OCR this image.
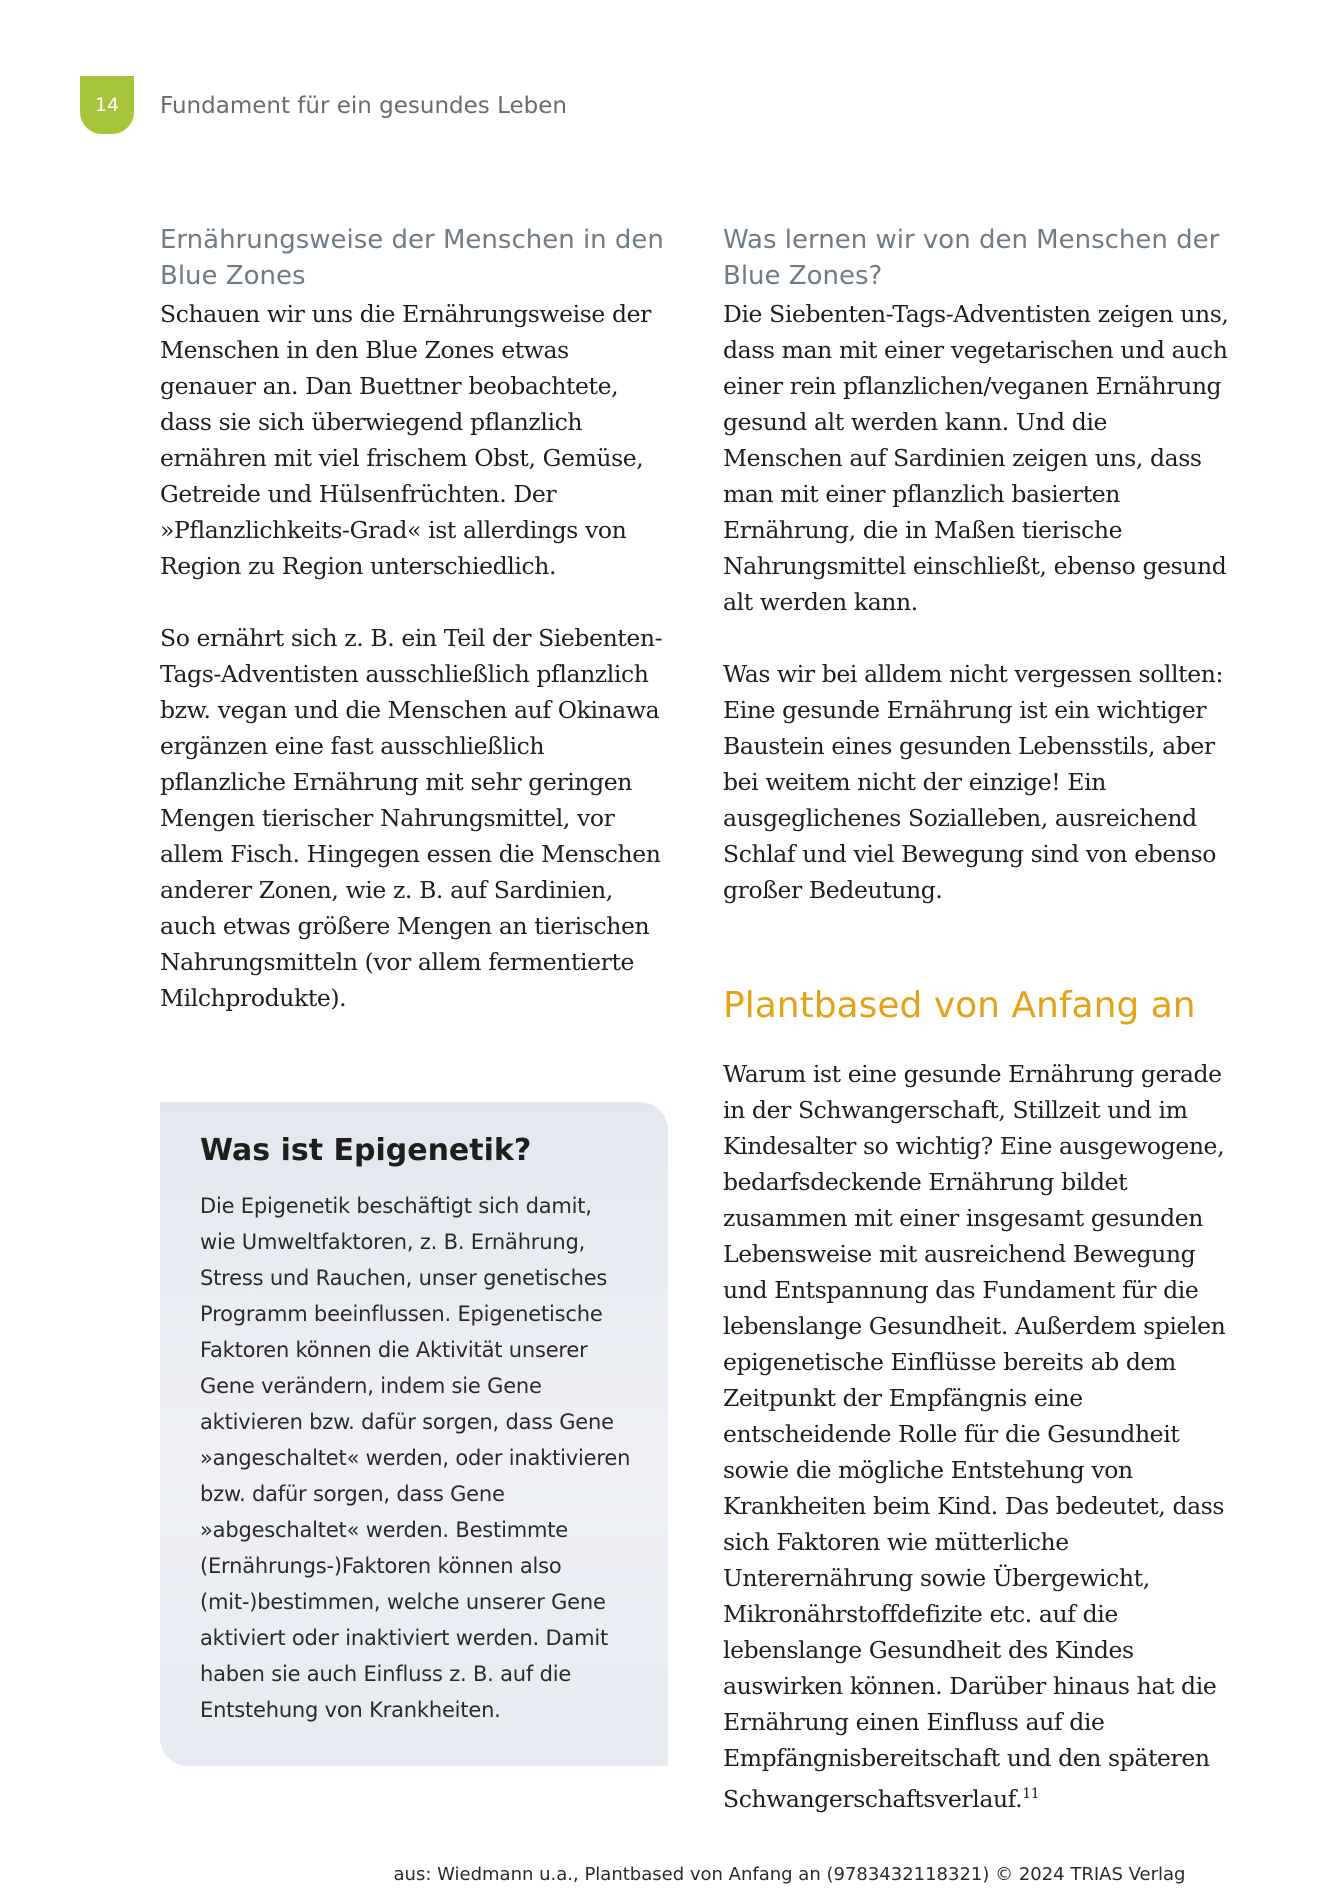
14	Fundament für ein gesundes Leben
Ernährungsweise der Menschen in den Blue Zones

Schauen wir uns die Ernährungsweise der Menschen in den Blue Zones etwas genauer an. Dan Buettner beobachtete, dass sie sich überwiegend pflanzlich ernähren mit viel frischem Obst, Gemüse, Getreide und Hülsenfrüchten. Der »Pflanzlichkeits-Grad« ist allerdings von Region zu Region unterschiedlich.

So ernährt sich z. B. ein Teil der Siebenten-Tags-Adventisten ausschließlich pflanzlich bzw. vegan und die Menschen auf Okinawa ergänzen eine fast ausschließlich pflanzliche Ernährung mit sehr geringen Mengen tierischer Nahrungsmittel, vor allem Fisch. Hingegen essen die Menschen anderer Zonen, wie z. B. auf Sardinien, auch etwas größere Mengen an tierischen Nahrungsmitteln (vor allem fermentierte Milchprodukte).

Was ist Epigenetik?

Die Epigenetik beschäftigt sich damit, wie Umweltfaktoren, z. B. Ernährung, Stress und Rauchen, unser genetisches Programm beeinflussen. Epigenetische Faktoren können die Aktivität unserer Gene verändern, indem sie Gene aktivieren bzw. dafür sorgen, dass Gene »angeschaltet« werden, oder inaktivieren bzw. dafür sorgen, dass Gene »abgeschaltet« werden. Bestimmte (Ernährungs-)Faktoren können also (mit-)bestimmen, welche unserer Gene aktiviert oder inaktiviert werden. Damit haben sie auch Einfluss z. B. auf die Entstehung von Krankheiten.

Was lernen wir von den Menschen der Blue Zones?

Die Siebenten-Tags-Adventisten zeigen uns, dass man mit einer vegetarischen und auch einer rein pflanzlichen/veganen Ernährung gesund alt werden kann. Und die Menschen auf Sardinien zeigen uns, dass man mit einer pflanzlich basierten Ernährung, die in Maßen tierische Nahrungsmittel einschließt, ebenso gesund alt werden kann.

Was wir bei alldem nicht vergessen sollten: Eine gesunde Ernährung ist ein wichtiger Baustein eines gesunden Lebensstils, aber bei weitem nicht der einzige! Ein ausgeglichenes Sozialleben, ausreichend Schlaf und viel Bewegung sind von ebenso großer Bedeutung.

Plantbased von Anfang an

Warum ist eine gesunde Ernährung gerade in der Schwangerschaft, Stillzeit und im Kindesalter so wichtig? Eine ausgewogene, bedarfsdeckende Ernährung bildet zusammen mit einer insgesamt gesunden Lebensweise mit ausreichend Bewegung und Entspannung das Fundament für die lebenslange Gesundheit. Außerdem spielen epigenetische Einflüsse bereits ab dem Zeitpunkt der Empfängnis eine entscheidende Rolle für die Gesundheit sowie die mögliche Entstehung von Krankheiten beim Kind. Das bedeutet, dass sich Faktoren wie mütterliche Unterernährung sowie Übergewicht, Mikronährstoffdefizite etc. auf die lebenslange Gesundheit des Kindes auswirken können. Darüber hinaus hat die Ernährung einen Einfluss auf die Empfängnisbereitschaft und den späteren Schwangerschaftsverlauf.$^{11}$

aus: Wiedmann u.a., Plantbased von Anfang an (9783432118321) © 2024 TRIAS Verlag
